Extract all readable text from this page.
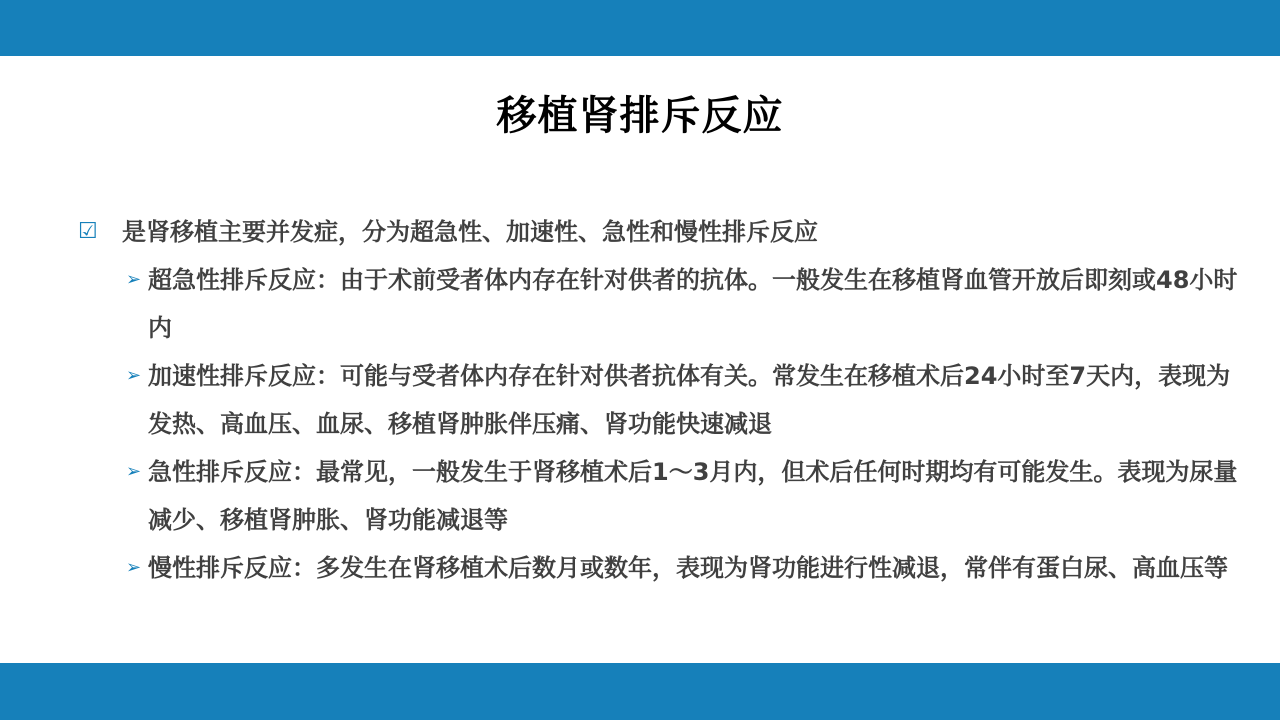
移植肾排斥反应
☑	是肾移植主要并发症，分为超急性、加速性、急性和慢性排斥反应
➢ 超急性排斥反应：由于术前受者体内存在针对供者的抗体。一般发生在移植肾血管开放后即刻或48小时内
➢ 加速性排斥反应：可能与受者体内存在针对供者抗体有关。常发生在移植术后24小时至7天内，表现为发热、高血压、血尿、移植肾肿胀伴压痛、肾功能快速减退
➢ 急性排斥反应：最常见，一般发生于肾移植术后1～3月内，但术后任何时期均有可能发生。表现为尿量减少、移植肾肿胀、肾功能减退等
➢ 慢性排斥反应：多发生在肾移植术后数月或数年，表现为肾功能进行性减退，常伴有蛋白尿、高血压等
